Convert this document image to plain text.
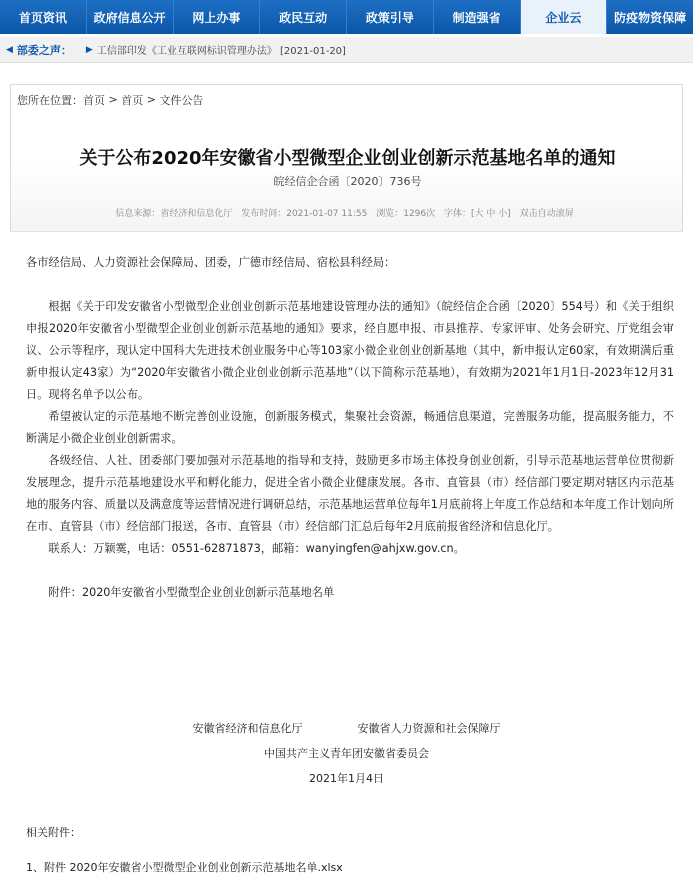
首页资讯	政府信息公开	网上办事	政民互动	政策引导	制造强省	企业云	防疫物资保障
◀ 部委之声： ▶ 工信部印发《工业互联网标识管理办法》 [2021-01-20]
您所在位置： 首页 > 首页 > 文件公告
关于公布2020年安徽省小型微型企业创业创新示范基地名单的通知
皖经信企合函〔2020〕736号
信息来源：省经济和信息化厅 发布时间：2021-01-07 11:55 浏览：1296次 字体：[大 中 小] 双击自动滚屏
各市经信局、人力资源社会保障局、团委，广德市经信局、宿松县科经局：
根据《关于印发安徽省小型微型企业创业创新示范基地建设管理办法的通知》（皖经信企合函〔2020〕554号）和《关于组织申报2020年安徽省小型微型企业创业创新示范基地的通知》要求，经自愿申报、市县推荐、专家评审、处务会研究、厅党组会审议、公示等程序，现认定中国科大先进技术创业服务中心等103家小微企业创业创新基地（其中，新申报认定60家，有效期满后重新申报认定43家）为“2020年安徽省小微企业创业创新示范基地”（以下简称示范基地），有效期为2021年1月1日-2023年12月31日。现将名单予以公布。
希望被认定的示范基地不断完善创业设施，创新服务模式，集聚社会资源，畅通信息渠道，完善服务功能，提高服务能力，不断满足小微企业创业创新需求。
各级经信、人社、团委部门要加强对示范基地的指导和支持，鼓励更多市场主体投身创业创新，引导示范基地运营单位贯彻新发展理念，提升示范基地建设水平和孵化能力，促进全省小微企业健康发展。各市、直管县（市）经信部门要定期对辖区内示范基地的服务内容、质量以及满意度等运营情况进行调研总结，示范基地运营单位每年1月底前将上年度工作总结和本年度工作计划向所在市、直管县（市）经信部门报送，各市、直管县（市）经信部门汇总后每年2月底前报省经济和信息化厅。
联系人：万颖霙，电话：0551-62871873，邮箱：wanyingfen@ahjxw.gov.cn。
附件：2020年安徽省小型微型企业创业创新示范基地名单
安徽省经济和信息化厅	安徽省人力资源和社会保障厅
中国共产主义青年团安徽省委员会
2021年1月4日
相关附件：
1、附件 2020年安徽省小型微型企业创业创新示范基地名单.xlsx
